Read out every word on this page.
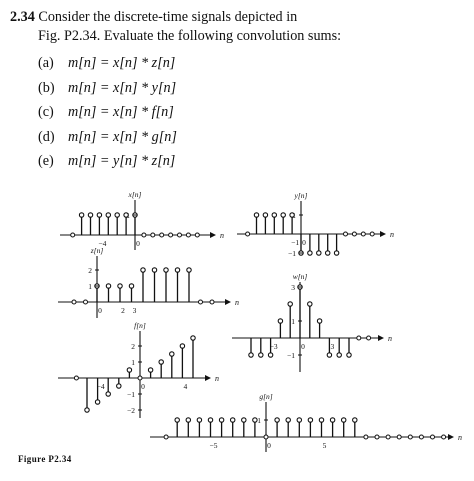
2.34 Consider the discrete-time signals depicted in
Fig. P2.34. Evaluate the following convolution sums:
(a) m[n] = x[n] * z[n]
(b) m[n] = x[n] * y[n]
(c) m[n] = x[n] * f[n]
(d) m[n] = x[n] * g[n]
(e) m[n] = y[n] * z[n]
n
x[n]
−4	0
1
n
y[n]
−1 0
1
−1
n
z[n]
0	2 3
2
1
n
w[n]
−3	0	3
3
1
−1
n
f[n]
−4	0	4
2
1
−1
−2
n
g[n]
−5	0	5
1
Figure P2.34
